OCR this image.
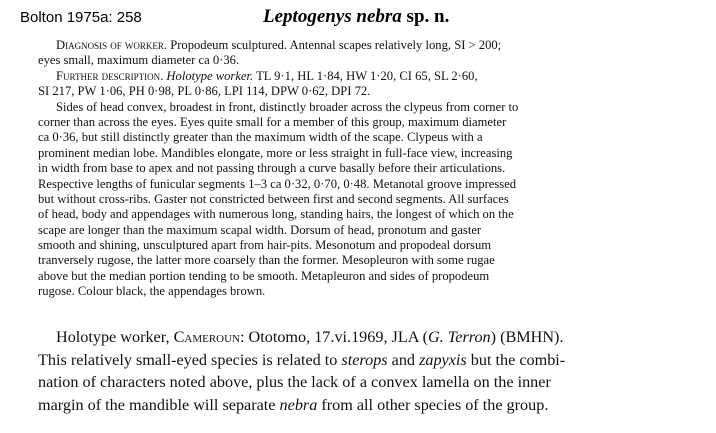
Bolton 1975a: 258	Leptogenys nebra sp. n.
Diagnosis of worker. Propodeum sculptured. Antennal scapes relatively long, SI > 200;
eyes small, maximum diameter ca 0·36.
Further description. Holotype worker. TL 9·1, HL 1·84, HW 1·20, CI 65, SL 2·60,
SI 217, PW 1·06, PH 0·98, PL 0·86, LPI 114, DPW 0·62, DPI 72.
Sides of head convex, broadest in front, distinctly broader across the clypeus from corner to
corner than across the eyes. Eyes quite small for a member of this group, maximum diameter
ca 0·36, but still distinctly greater than the maximum width of the scape. Clypeus with a
prominent median lobe. Mandibles elongate, more or less straight in full-face view, increasing
in width from base to apex and not passing through a curve basally before their articulations.
Respective lengths of funicular segments 1–3 ca 0·32, 0·70, 0·48. Metanotal groove impressed
but without cross-ribs. Gaster not constricted between first and second segments. All surfaces
of head, body and appendages with numerous long, standing hairs, the longest of which on the
scape are longer than the maximum scapal width. Dorsum of head, pronotum and gaster
smooth and shining, unsculptured apart from hair-pits. Mesonotum and propodeal dorsum
tranversely rugose, the latter more coarsely than the former. Mesopleuron with some rugae
above but the median portion tending to be smooth. Metapleuron and sides of propodeum
rugose. Colour black, the appendages brown.
Holotype worker, Cameroun: Ototomo, 17.vi.1969, JLA (G. Terron) (BMHN).
This relatively small-eyed species is related to sterops and zapyxis but the combi-
nation of characters noted above, plus the lack of a convex lamella on the inner
margin of the mandible will separate nebra from all other species of the group.
